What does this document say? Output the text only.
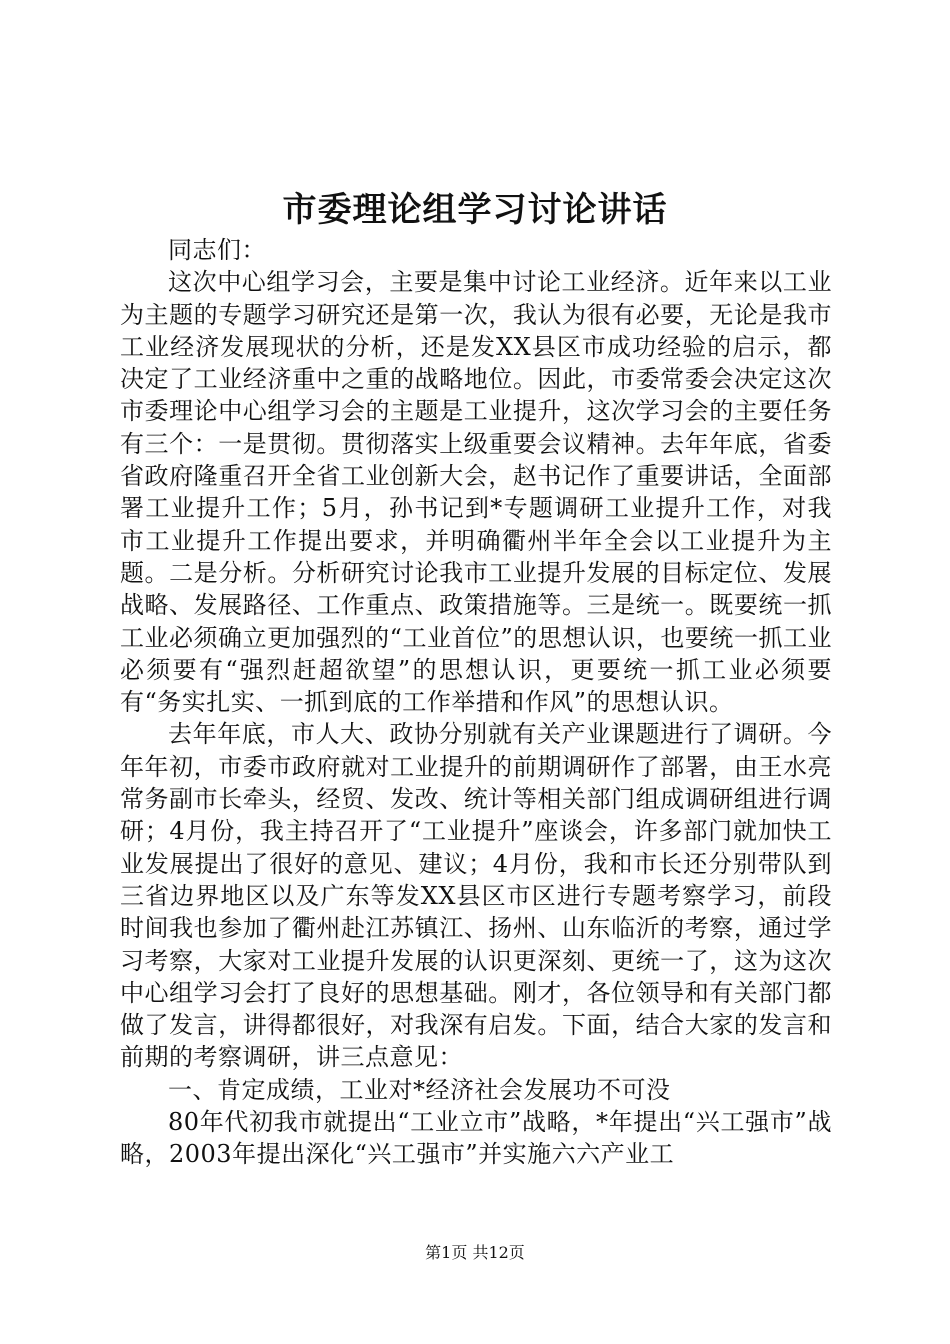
市委理论组学习讨论讲话

同志们：

这次中心组学习会，主要是集中讨论工业经济。近年来以工业为主题的专题学习研究还是第一次，我认为很有必要，无论是我市工业经济发展现状的分析，还是发XX县区市成功经验的启示，都决定了工业经济重中之重的战略地位。因此，市委常委会决定这次市委理论中心组学习会的主题是工业提升，这次学习会的主要任务有三个：一是贯彻。贯彻落实上级重要会议精神。去年年底，省委省政府隆重召开全省工业创新大会，赵书记作了重要讲话，全面部署工业提升工作；5月，孙书记到*专题调研工业提升工作，对我市工业提升工作提出要求，并明确衢州半年全会以工业提升为主题。二是分析。分析研究讨论我市工业提升发展的目标定位、发展战略、发展路径、工作重点、政策措施等。三是统一。既要统一抓工业必须确立更加强烈的“工业首位”的思想认识，也要统一抓工业必须要有“强烈赶超欲望”的思想认识，更要统一抓工业必须要有“务实扎实、一抓到底的工作举措和作风”的思想认识。

去年年底，市人大、政协分别就有关产业课题进行了调研。今年年初，市委市政府就对工业提升的前期调研作了部署，由王水亮常务副市长牵头，经贸、发改、统计等相关部门组成调研组进行调研；4月份，我主持召开了“工业提升”座谈会，许多部门就加快工业发展提出了很好的意见、建议；4月份，我和市长还分别带队到三省边界地区以及广东等发XX县区市区进行专题考察学习，前段时间我也参加了衢州赴江苏镇江、扬州、山东临沂的考察，通过学习考察，大家对工业提升发展的认识更深刻、更统一了，这为这次中心组学习会打了良好的思想基础。刚才，各位领导和有关部门都做了发言，讲得都很好，对我深有启发。下面，结合大家的发言和前期的考察调研，讲三点意见：

一、肯定成绩，工业对*经济社会发展功不可没

80年代初我市就提出“工业立市”战略，*年提出“兴工强市”战略，2003年提出深化“兴工强市”并实施六六产业工

第1页 共12页
